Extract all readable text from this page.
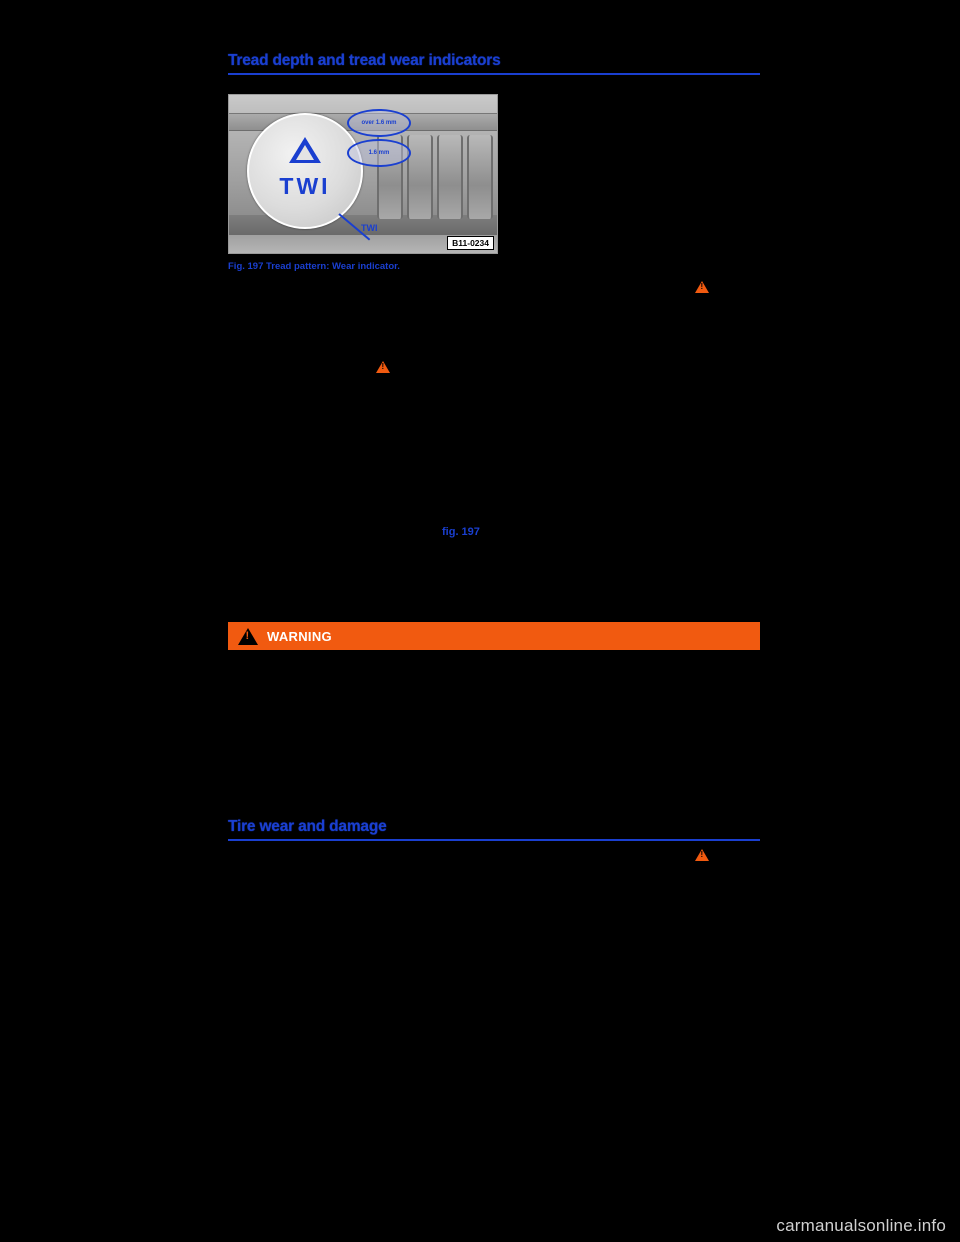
Tread depth and tread wear indicators
TWI
TWI
over 1.6 mm
1.6 mm
B11-0234
Fig. 197 Tread pattern: Wear indicator.
!
!
fig. 197
!
WARNING
Tire wear and damage
!
carmanualsonline.info
